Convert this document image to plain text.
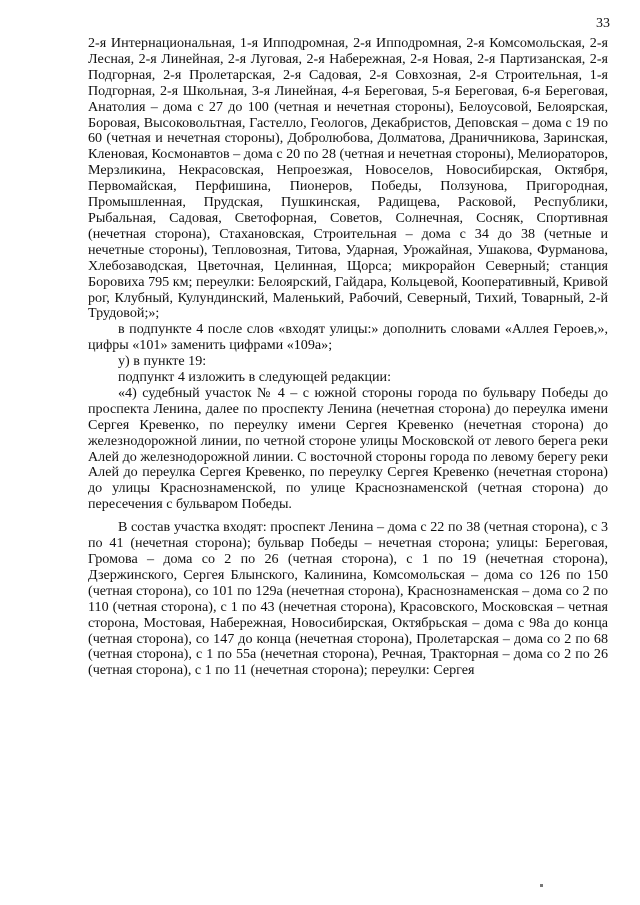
33

2-я Интернациональная, 1-я Ипподромная, 2-я Ипподромная, 2-я Комсомольская, 2-я Лесная, 2-я Линейная, 2-я Луговая, 2-я Набережная, 2-я Новая, 2-я Партизанская, 2-я Подгорная, 2-я Пролетарская, 2-я Садовая, 2-я Совхозная, 2-я Строительная, 1-я Подгорная, 2-я Школьная, 3-я Линейная, 4-я Береговая, 5-я Береговая, 6-я Береговая, Анатолия – дома с 27 до 100 (четная и нечетная стороны), Белоусовой, Белоярская, Боровая, Высоковольтная, Гастелло, Геологов, Декабристов, Деповская – дома с 19 по 60 (четная и нечетная стороны), Добролюбова, Долматова, Драничникова, Заринская, Кленовая, Космонавтов – дома с 20 по 28 (четная и нечетная стороны), Мелиораторов, Мерзликина, Некрасовская, Непроезжая, Новоселов, Новосибирская, Октября, Первомайская, Перфишина, Пионеров, Победы, Ползунова, Пригородная, Промышленная, Прудская, Пушкинская, Радищева, Расковой, Республики, Рыбальная, Садовая, Светофорная, Советов, Солнечная, Сосняк, Спортивная (нечетная сторона), Стахановская, Строительная – дома с 34 до 38 (четные и нечетные стороны), Тепловозная, Титова, Ударная, Урожайная, Ушакова, Фурманова, Хлебозаводская, Цветочная, Целинная, Щорса; микрорайон Северный; станция Боровиха 795 км; переулки: Белоярский, Гайдара, Кольцевой, Кооперативный, Кривой рог, Клубный, Кулундинский, Маленький, Рабочий, Северный, Тихий, Товарный, 2-й Трудовой;»;

в подпункте 4 после слов «входят улицы:» дополнить словами «Аллея Героев,», цифры «101» заменить цифрами «109а»;

у) в пункте 19:

подпункт 4 изложить в следующей редакции:

«4) судебный участок № 4 – с южной стороны города по бульвару Победы до проспекта Ленина, далее по проспекту Ленина (нечетная сторона) до переулка имени Сергея Кревенко, по переулку имени Сергея Кревенко (нечетная сторона) до железнодорожной линии, по четной стороне улицы Московской от левого берега реки Алей до железнодорожной линии. С восточной стороны города по левому берегу реки Алей до переулка Сергея Кревенко, по переулку Сергея Кревенко (нечетная сторона) до улицы Краснознаменской, по улице Краснознаменской (четная сторона) до пересечения с бульваром Победы.

В состав участка входят: проспект Ленина – дома с 22 по 38 (четная сторона), с 3 по 41 (нечетная сторона); бульвар Победы – нечетная сторона; улицы: Береговая, Громова – дома со 2 по 26 (четная сторона), с 1 по 19 (нечетная сторона), Дзержинского, Сергея Блынского, Калинина, Комсомольская – дома со 126 по 150 (четная сторона), со 101 по 129а (нечетная сторона), Краснознаменская – дома со 2 по 110 (четная сторона), с 1 по 43 (нечетная сторона), Красовского, Московская – четная сторона, Мостовая, Набережная, Новосибирская, Октябрьская – дома с 98а до конца (четная сторона), со 147 до конца (нечетная сторона), Пролетарская – дома со 2 по 68 (четная сторона), с 1 по 55а (нечетная сторона), Речная, Тракторная – дома со 2 по 26 (четная сторона), с 1 по 11 (нечетная сторона); переулки: Сергея
